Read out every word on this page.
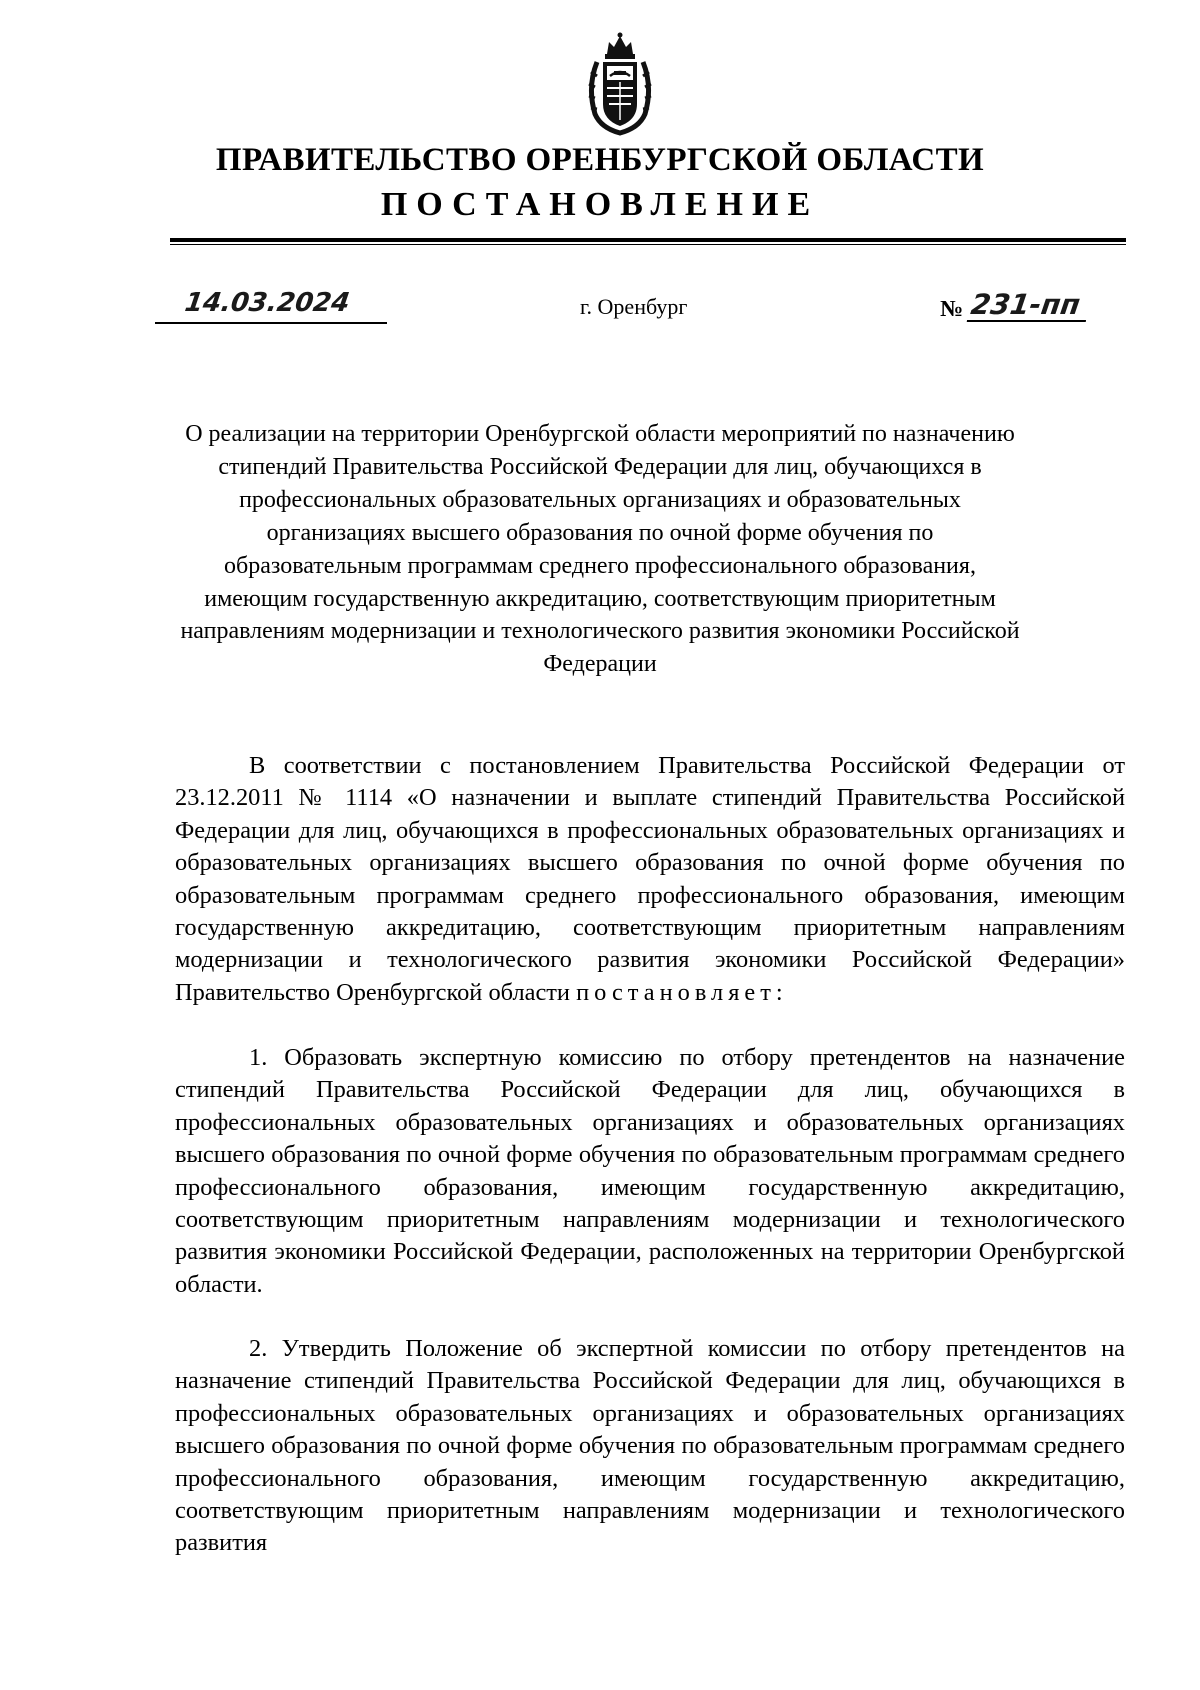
ПРАВИТЕЛЬСТВО ОРЕНБУРГСКОЙ ОБЛАСТИ
ПОСТАНОВЛЕНИЕ
14.03.2024	г. Оренбург	№ 231-пп

О реализации на территории Оренбургской области мероприятий по назначению стипендий Правительства Российской Федерации для лиц, обучающихся в профессиональных образовательных организациях и образовательных организациях высшего образования по очной форме обучения по образовательным программам среднего профессионального образования, имеющим государственную аккредитацию, соответствующим приоритетным направлениям модернизации и технологического развития экономики Российской Федерации

В соответствии с постановлением Правительства Российской Федерации от 23.12.2011 № 1114 «О назначении и выплате стипендий Правительства Российской Федерации для лиц, обучающихся в профессиональных образовательных организациях и образовательных организациях высшего образования по очной форме обучения по образовательным программам среднего профессионального образования, имеющим государственную аккредитацию, соответствующим приоритетным направлениям модернизации и технологического развития экономики Российской Федерации» Правительство Оренбургской области постановляет:

1. Образовать экспертную комиссию по отбору претендентов на назначение стипендий Правительства Российской Федерации для лиц, обучающихся в профессиональных образовательных организациях и образовательных организациях высшего образования по очной форме обучения по образовательным программам среднего профессионального образования, имеющим государственную аккредитацию, соответствующим приоритетным направлениям модернизации и технологического развития экономики Российской Федерации, расположенных на территории Оренбургской области.

2. Утвердить Положение об экспертной комиссии по отбору претендентов на назначение стипендий Правительства Российской Федерации для лиц, обучающихся в профессиональных образовательных организациях и образовательных организациях высшего образования по очной форме обучения по образовательным программам среднего профессионального образования, имеющим государственную аккредитацию, соответствующим приоритетным направлениям модернизации и технологического развития
